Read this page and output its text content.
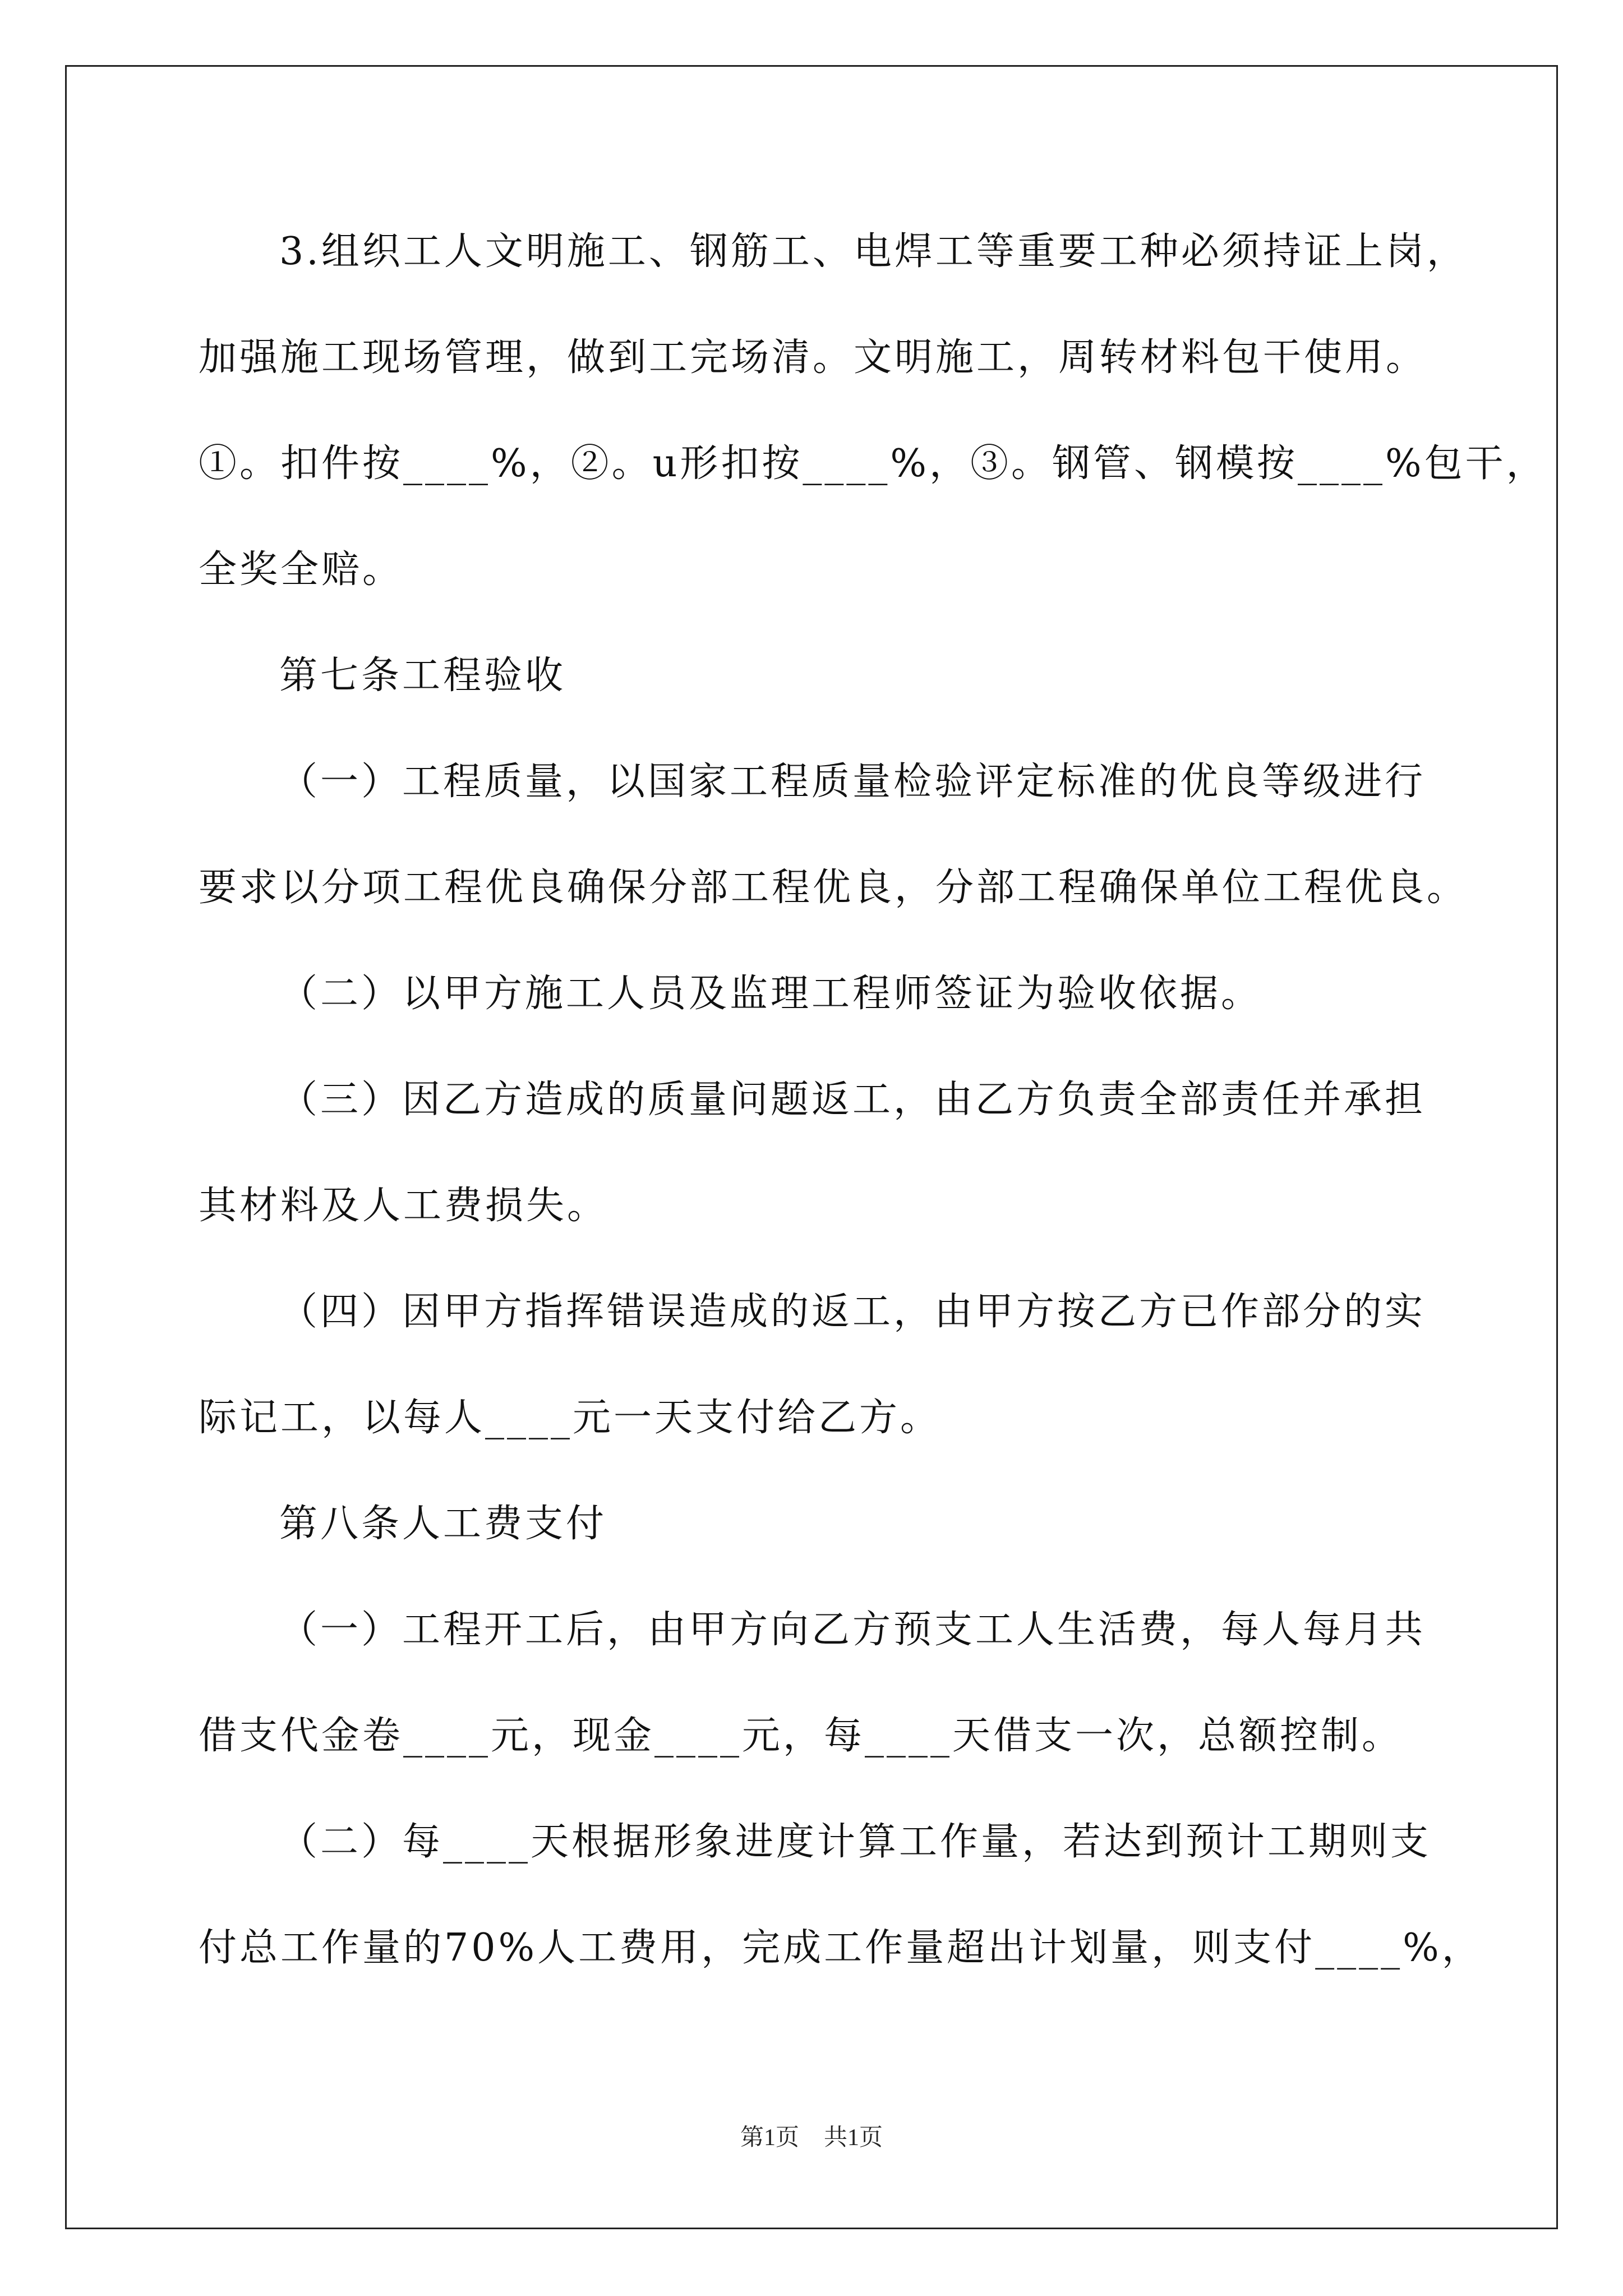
3.组织工人文明施工、钢筋工、电焊工等重要工种必须持证上岗，
加强施工现场管理，做到工完场清。文明施工，周转材料包干使用。
①。扣件按____%，②。u形扣按____%，③。钢管、钢模按____%包干，
全奖全赔。
第七条工程验收
（一）工程质量，以国家工程质量检验评定标准的优良等级进行
要求以分项工程优良确保分部工程优良，分部工程确保单位工程优良。
（二）以甲方施工人员及监理工程师签证为验收依据。
（三）因乙方造成的质量问题返工，由乙方负责全部责任并承担
其材料及人工费损失。
（四）因甲方指挥错误造成的返工，由甲方按乙方已作部分的实
际记工，以每人____元一天支付给乙方。
第八条人工费支付
（一）工程开工后，由甲方向乙方预支工人生活费，每人每月共
借支代金卷____元，现金____元，每____天借支一次，总额控制。
（二）每____天根据形象进度计算工作量，若达到预计工期则支
付总工作量的70%人工费用，完成工作量超出计划量，则支付____%，
第1页 共1页
